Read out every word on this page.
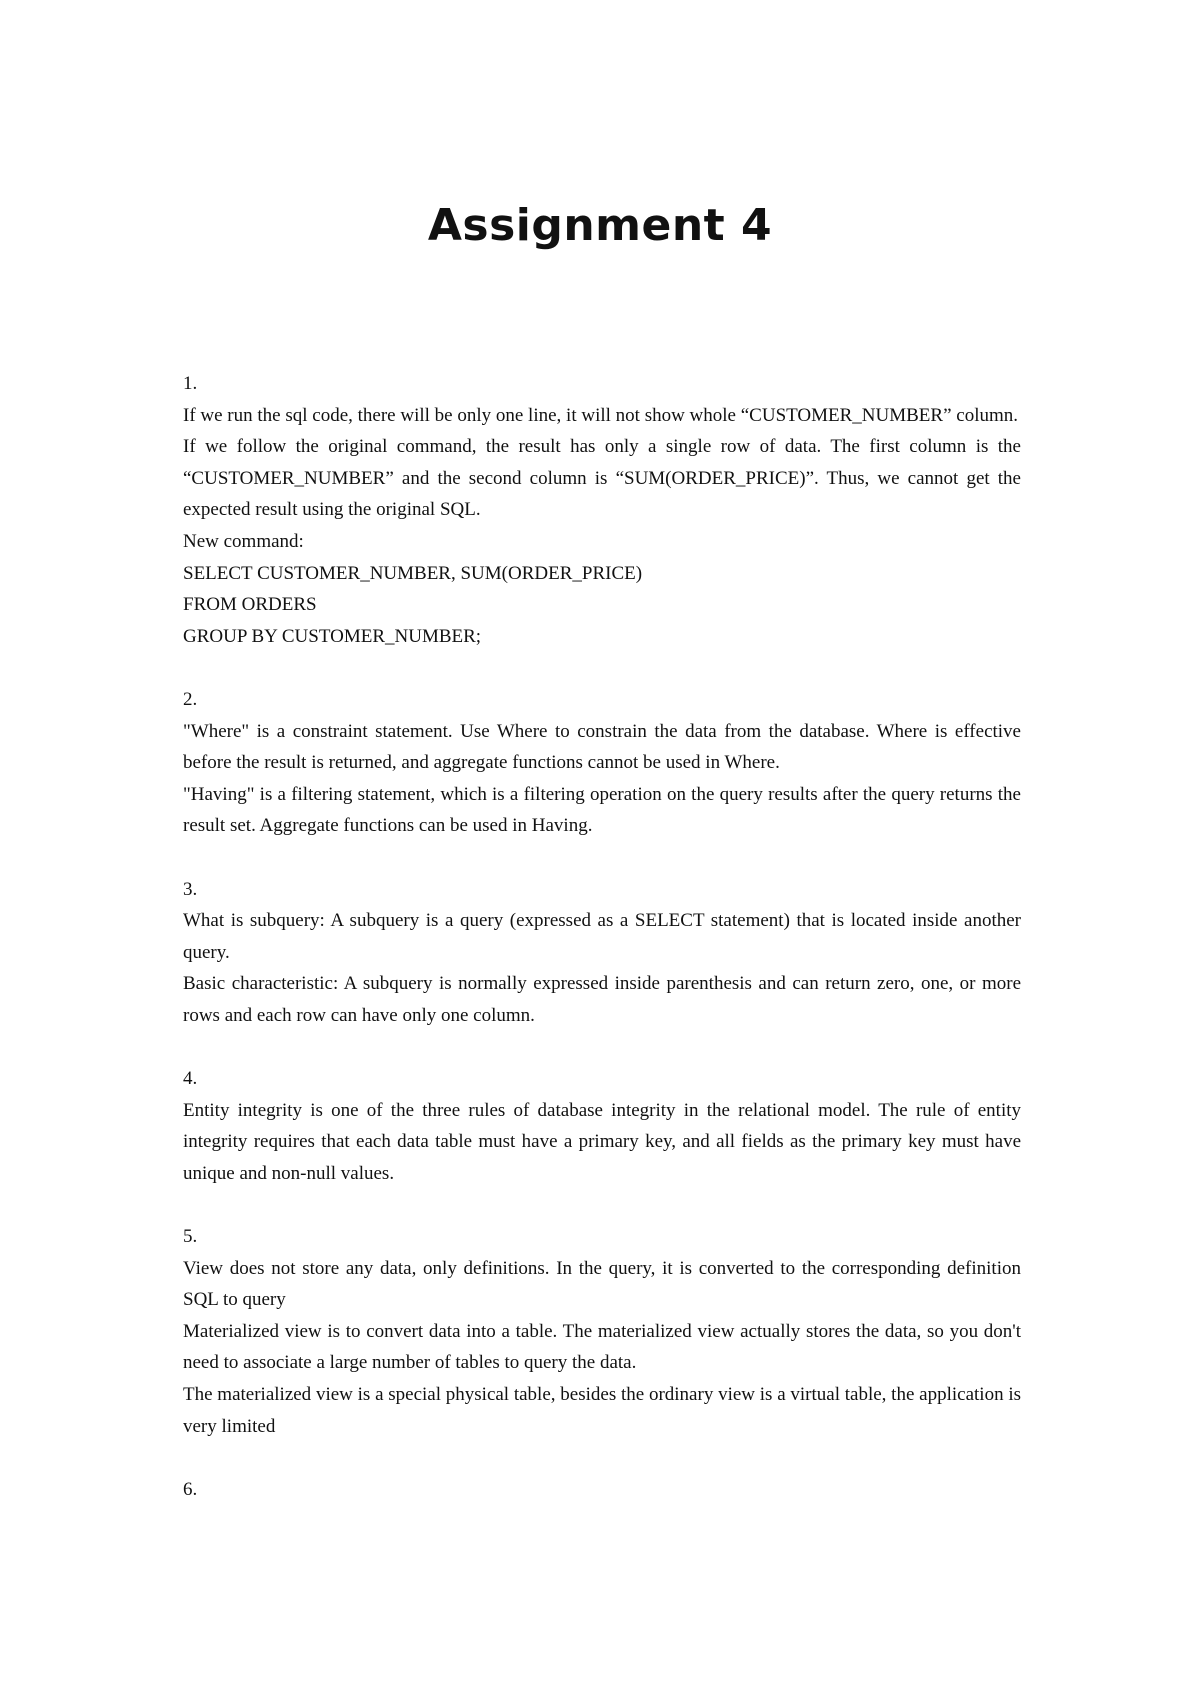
Assignment 4
1.
If we run the sql code, there will be only one line, it will not show whole “CUSTOMER_NUMBER” column.
If we follow the original command, the result has only a single row of data. The first column is the “CUSTOMER_NUMBER” and the second column is “SUM(ORDER_PRICE)”. Thus, we cannot get the expected result using the original SQL.
New command:
SELECT CUSTOMER_NUMBER, SUM(ORDER_PRICE)
FROM ORDERS
GROUP BY CUSTOMER_NUMBER;
2.
"Where" is a constraint statement. Use Where to constrain the data from the database. Where is effective before the result is returned, and aggregate functions cannot be used in Where.
"Having" is a filtering statement, which is a filtering operation on the query results after the query returns the result set. Aggregate functions can be used in Having.
3.
What is subquery: A subquery is a query (expressed as a SELECT statement) that is located inside another query.
Basic characteristic: A subquery is normally expressed inside parenthesis and can return zero, one, or more rows and each row can have only one column.
4.
Entity integrity is one of the three rules of database integrity in the relational model. The rule of entity integrity requires that each data table must have a primary key, and all fields as the primary key must have unique and non-null values.
5.
View does not store any data, only definitions. In the query, it is converted to the corresponding definition SQL to query
Materialized view is to convert data into a table. The materialized view actually stores the data, so you don't need to associate a large number of tables to query the data.
The materialized view is a special physical table, besides the ordinary view is a virtual table, the application is very limited
6.
